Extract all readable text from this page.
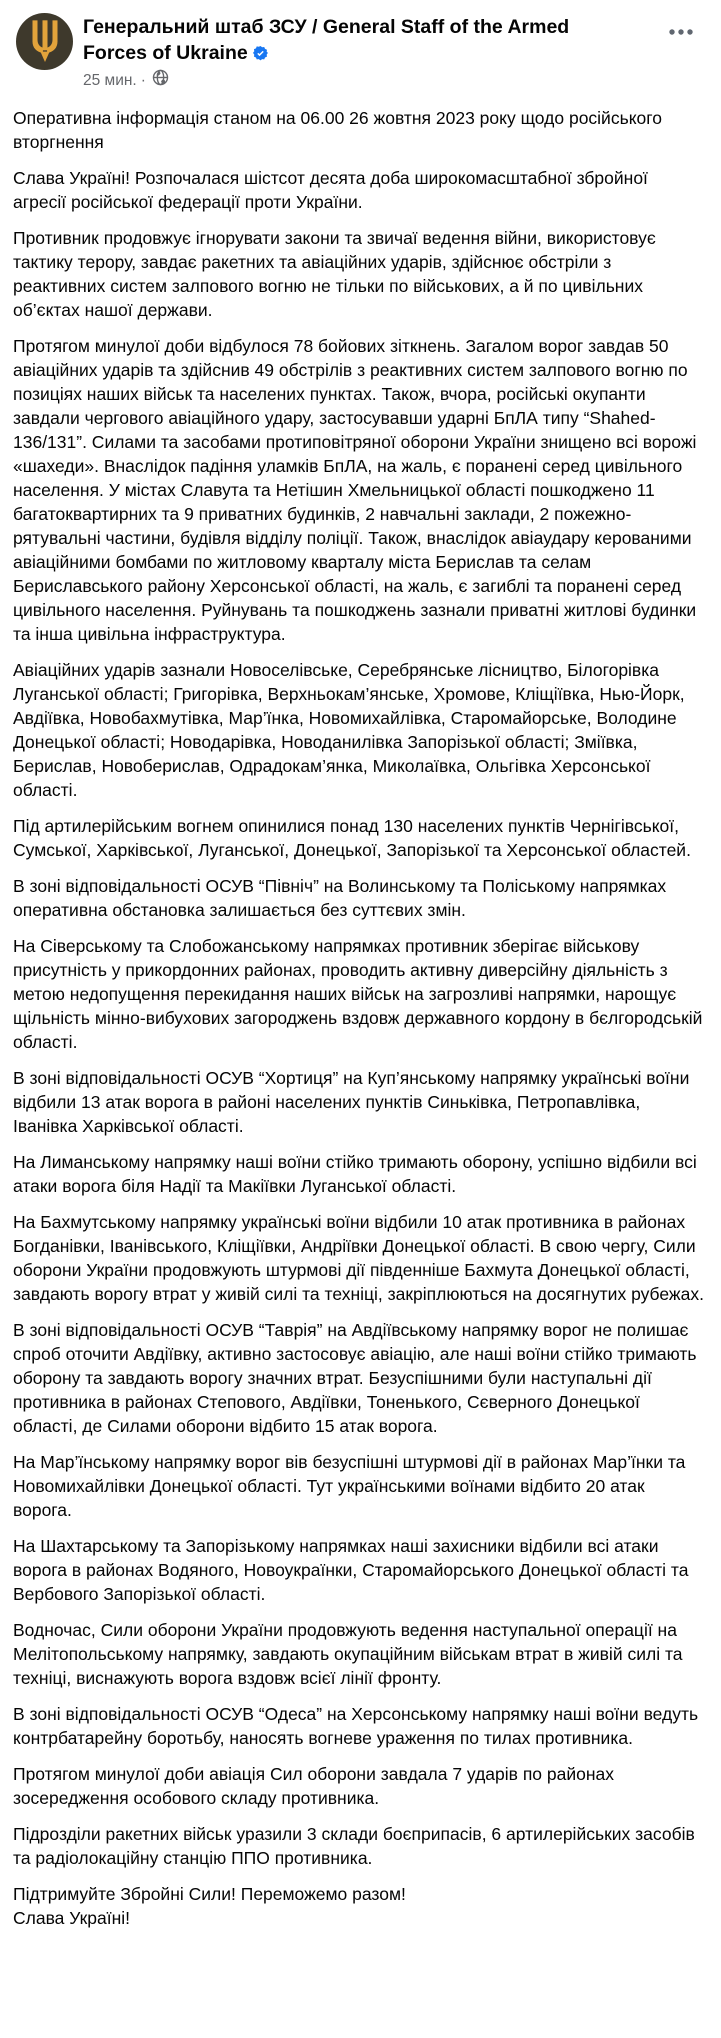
Генеральний штаб ЗСУ / General Staff of the Armed Forces of Ukraine
25 мин. ·

Оперативна інформація станом на 06.00 26 жовтня 2023 року щодо російського вторгнення

Слава Україні! Розпочалася шістсот десята доба широкомасштабної збройної агресії російської федерації проти України.

Противник продовжує ігнорувати закони та звичаї ведення війни, використовує тактику терору, завдає ракетних та авіаційних ударів, здійснює обстріли з реактивних систем залпового вогню не тільки по військових, а й по цивільних об’єктах нашої держави.

Протягом минулої доби відбулося 78 бойових зіткнень. Загалом ворог завдав 50 авіаційних ударів та здійснив 49 обстрілів з реактивних систем залпового вогню по позиціях наших військ та населених пунктах. Також, вчора, російські окупанти завдали чергового авіаційного удару, застосувавши ударні БпЛА типу “Shahed-136/131”. Силами та засобами протиповітряної оборони України знищено всі ворожі «шахеди». Внаслідок падіння уламків БпЛА, на жаль, є поранені серед цивільного населення. У містах Славута та Нетішин Хмельницької області пошкоджено 11 багатоквартирних та 9 приватних будинків, 2 навчальні заклади, 2 пожежно-рятувальні частини, будівля відділу поліції. Також, внаслідок авіаудару керованими авіаційними бомбами по житловому кварталу міста Берислав та селам Бериславського району Херсонської області, на жаль, є загиблі та поранені серед цивільного населення. Руйнувань та пошкоджень зазнали приватні житлові будинки та інша цивільна інфраструктура.

Авіаційних ударів зазнали Новоселівське, Серебрянське лісництво, Білогорівка Луганської області; Григорівка, Верхньокам’янське, Хромове, Кліщіївка, Нью-Йорк, Авдіївка, Новобахмутівка, Мар’їнка, Новомихайлівка, Старомайорське, Володине Донецької області; Новодарівка, Новоданилівка Запорізької області; Зміївка, Берислав, Новоберислав, Одрадокам’янка, Миколаївка, Ольгівка Херсонської області.

Під артилерійським вогнем опинилися понад 130 населених пунктів Чернігівської, Сумської, Харківської, Луганської, Донецької, Запорізької та Херсонської областей.

В зоні відповідальності ОСУВ “Північ” на Волинському та Поліському напрямках оперативна обстановка залишається без суттєвих змін.

На Сіверському та Слобожанському напрямках противник зберігає військову присутність у прикордонних районах, проводить активну диверсійну діяльність з метою недопущення перекидання наших військ на загрозливі напрямки, нарощує щільність мінно-вибухових загороджень вздовж державного кордону в бєлгородській області.

В зоні відповідальності ОСУВ “Хортиця” на Куп’янському напрямку українські воїни відбили 13 атак ворога в районі населених пунктів Синьківка, Петропавлівка, Іванівка Харківської області.

На Лиманському напрямку наші воїни стійко тримають оборону, успішно відбили всі атаки ворога біля Надії та Макіївки Луганської області.

На Бахмутському напрямку українські воїни відбили 10 атак противника в районах Богданівки, Іванівського, Кліщіївки, Андріївки Донецької області. В свою чергу, Сили оборони України продовжують штурмові дії південніше Бахмута Донецької області, завдають ворогу втрат у живій силі та техніці, закріплюються на досягнутих рубежах.

В зоні відповідальності ОСУВ “Таврія” на Авдіївському напрямку ворог не полишає спроб оточити Авдіївку, активно застосовує авіацію, але наші воїни стійко тримають оборону та завдають ворогу значних втрат. Безуспішними були наступальні дії противника в районах Степового, Авдіївки, Тоненького, Сєверного Донецької області, де Силами оборони відбито 15 атак ворога.

На Мар’їнському напрямку ворог вів безуспішні штурмові дії в районах Мар’їнки та Новомихайлівки Донецької області. Тут українськими воїнами відбито 20 атак ворога.

На Шахтарському та Запорізькому напрямках наші захисники відбили всі атаки ворога в районах Водяного, Новоукраїнки, Старомайорського Донецької області та Вербового Запорізької області.

Водночас, Сили оборони України продовжують ведення наступальної операції на Мелітопольському напрямку, завдають окупаційним військам втрат в живій силі та техніці, виснажують ворога вздовж всієї лінії фронту.

В зоні відповідальності ОСУВ “Одеса” на Херсонському напрямку наші воїни ведуть контрбатарейну боротьбу, наносять вогневе ураження по тилах противника.

Протягом минулої доби авіація Сил оборони завдала 7 ударів по районах зосередження особового складу противника.

Підрозділи ракетних військ уразили 3 склади боєприпасів, 6 артилерійських засобів та радіолокаційну станцію ППО противника.

Підтримуйте Збройні Сили! Переможемо разом!
Слава Україні!
